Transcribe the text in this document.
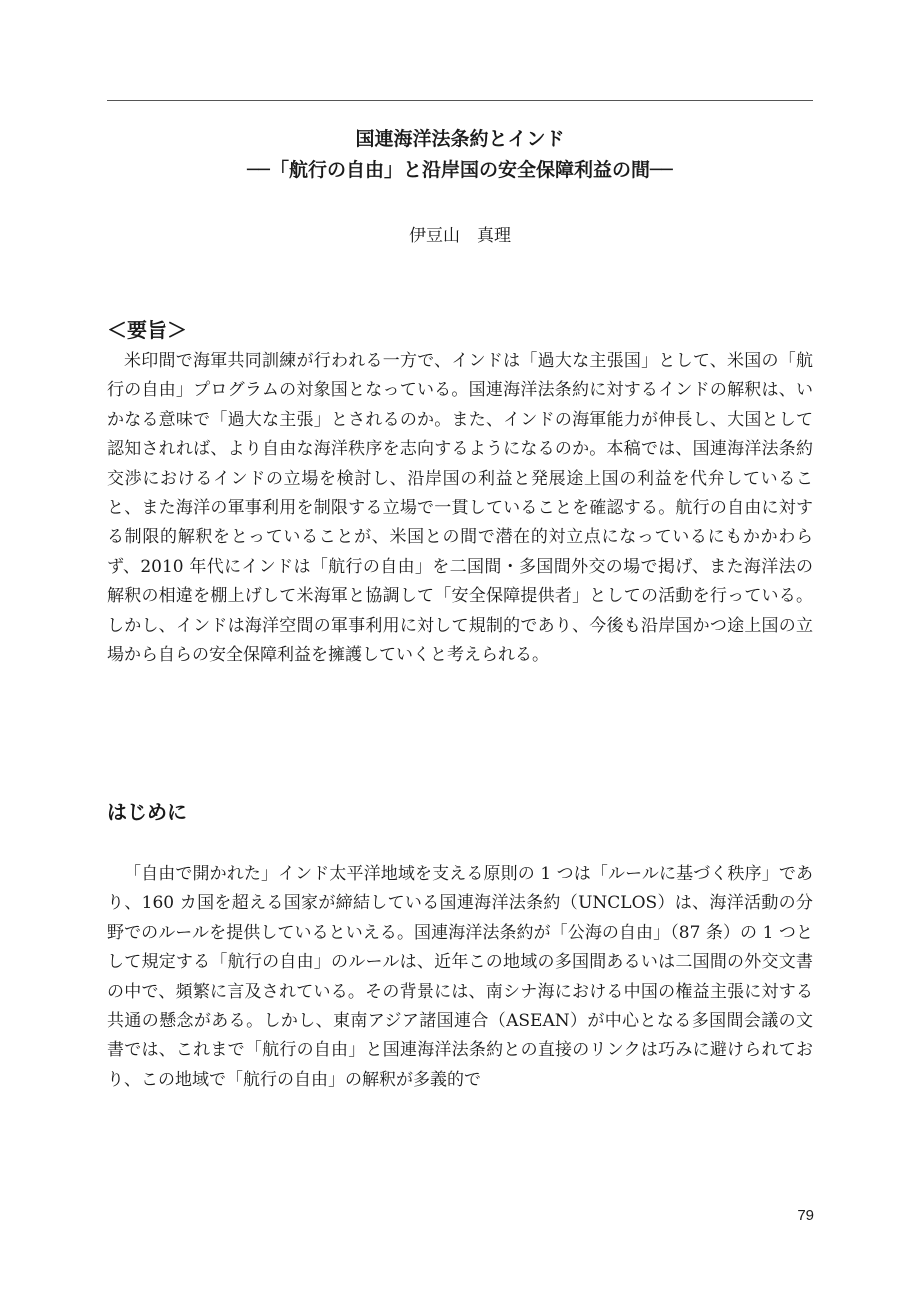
国連海洋法条約とインド
──「航行の自由」と沿岸国の安全保障利益の間──
伊豆山　真理
＜要旨＞

米印間で海軍共同訓練が行われる一方で、インドは「過大な主張国」として、米国の「航行の自由」プログラムの対象国となっている。国連海洋法条約に対するインドの解釈は、いかなる意味で「過大な主張」とされるのか。また、インドの海軍能力が伸長し、大国として認知されれば、より自由な海洋秩序を志向するようになるのか。本稿では、国連海洋法条約交渉におけるインドの立場を検討し、沿岸国の利益と発展途上国の利益を代弁していること、また海洋の軍事利用を制限する立場で一貫していることを確認する。航行の自由に対する制限的解釈をとっていることが、米国との間で潜在的対立点になっているにもかかわらず、2010 年代にインドは「航行の自由」を二国間・多国間外交の場で掲げ、また海洋法の解釈の相違を棚上げして米海軍と協調して「安全保障提供者」としての活動を行っている。しかし、インドは海洋空間の軍事利用に対して規制的であり、今後も沿岸国かつ途上国の立場から自らの安全保障利益を擁護していくと考えられる。

はじめに

「自由で開かれた」インド太平洋地域を支える原則の 1 つは「ルールに基づく秩序」であり、160 カ国を超える国家が締結している国連海洋法条約（UNCLOS）は、海洋活動の分野でのルールを提供しているといえる。国連海洋法条約が「公海の自由」（87 条）の 1 つとして規定する「航行の自由」のルールは、近年この地域の多国間あるいは二国間の外交文書の中で、頻繁に言及されている。その背景には、南シナ海における中国の権益主張に対する共通の懸念がある。しかし、東南アジア諸国連合（ASEAN）が中心となる多国間会議の文書では、これまで「航行の自由」と国連海洋法条約との直接のリンクは巧みに避けられており、この地域で「航行の自由」の解釈が多義的で

79
